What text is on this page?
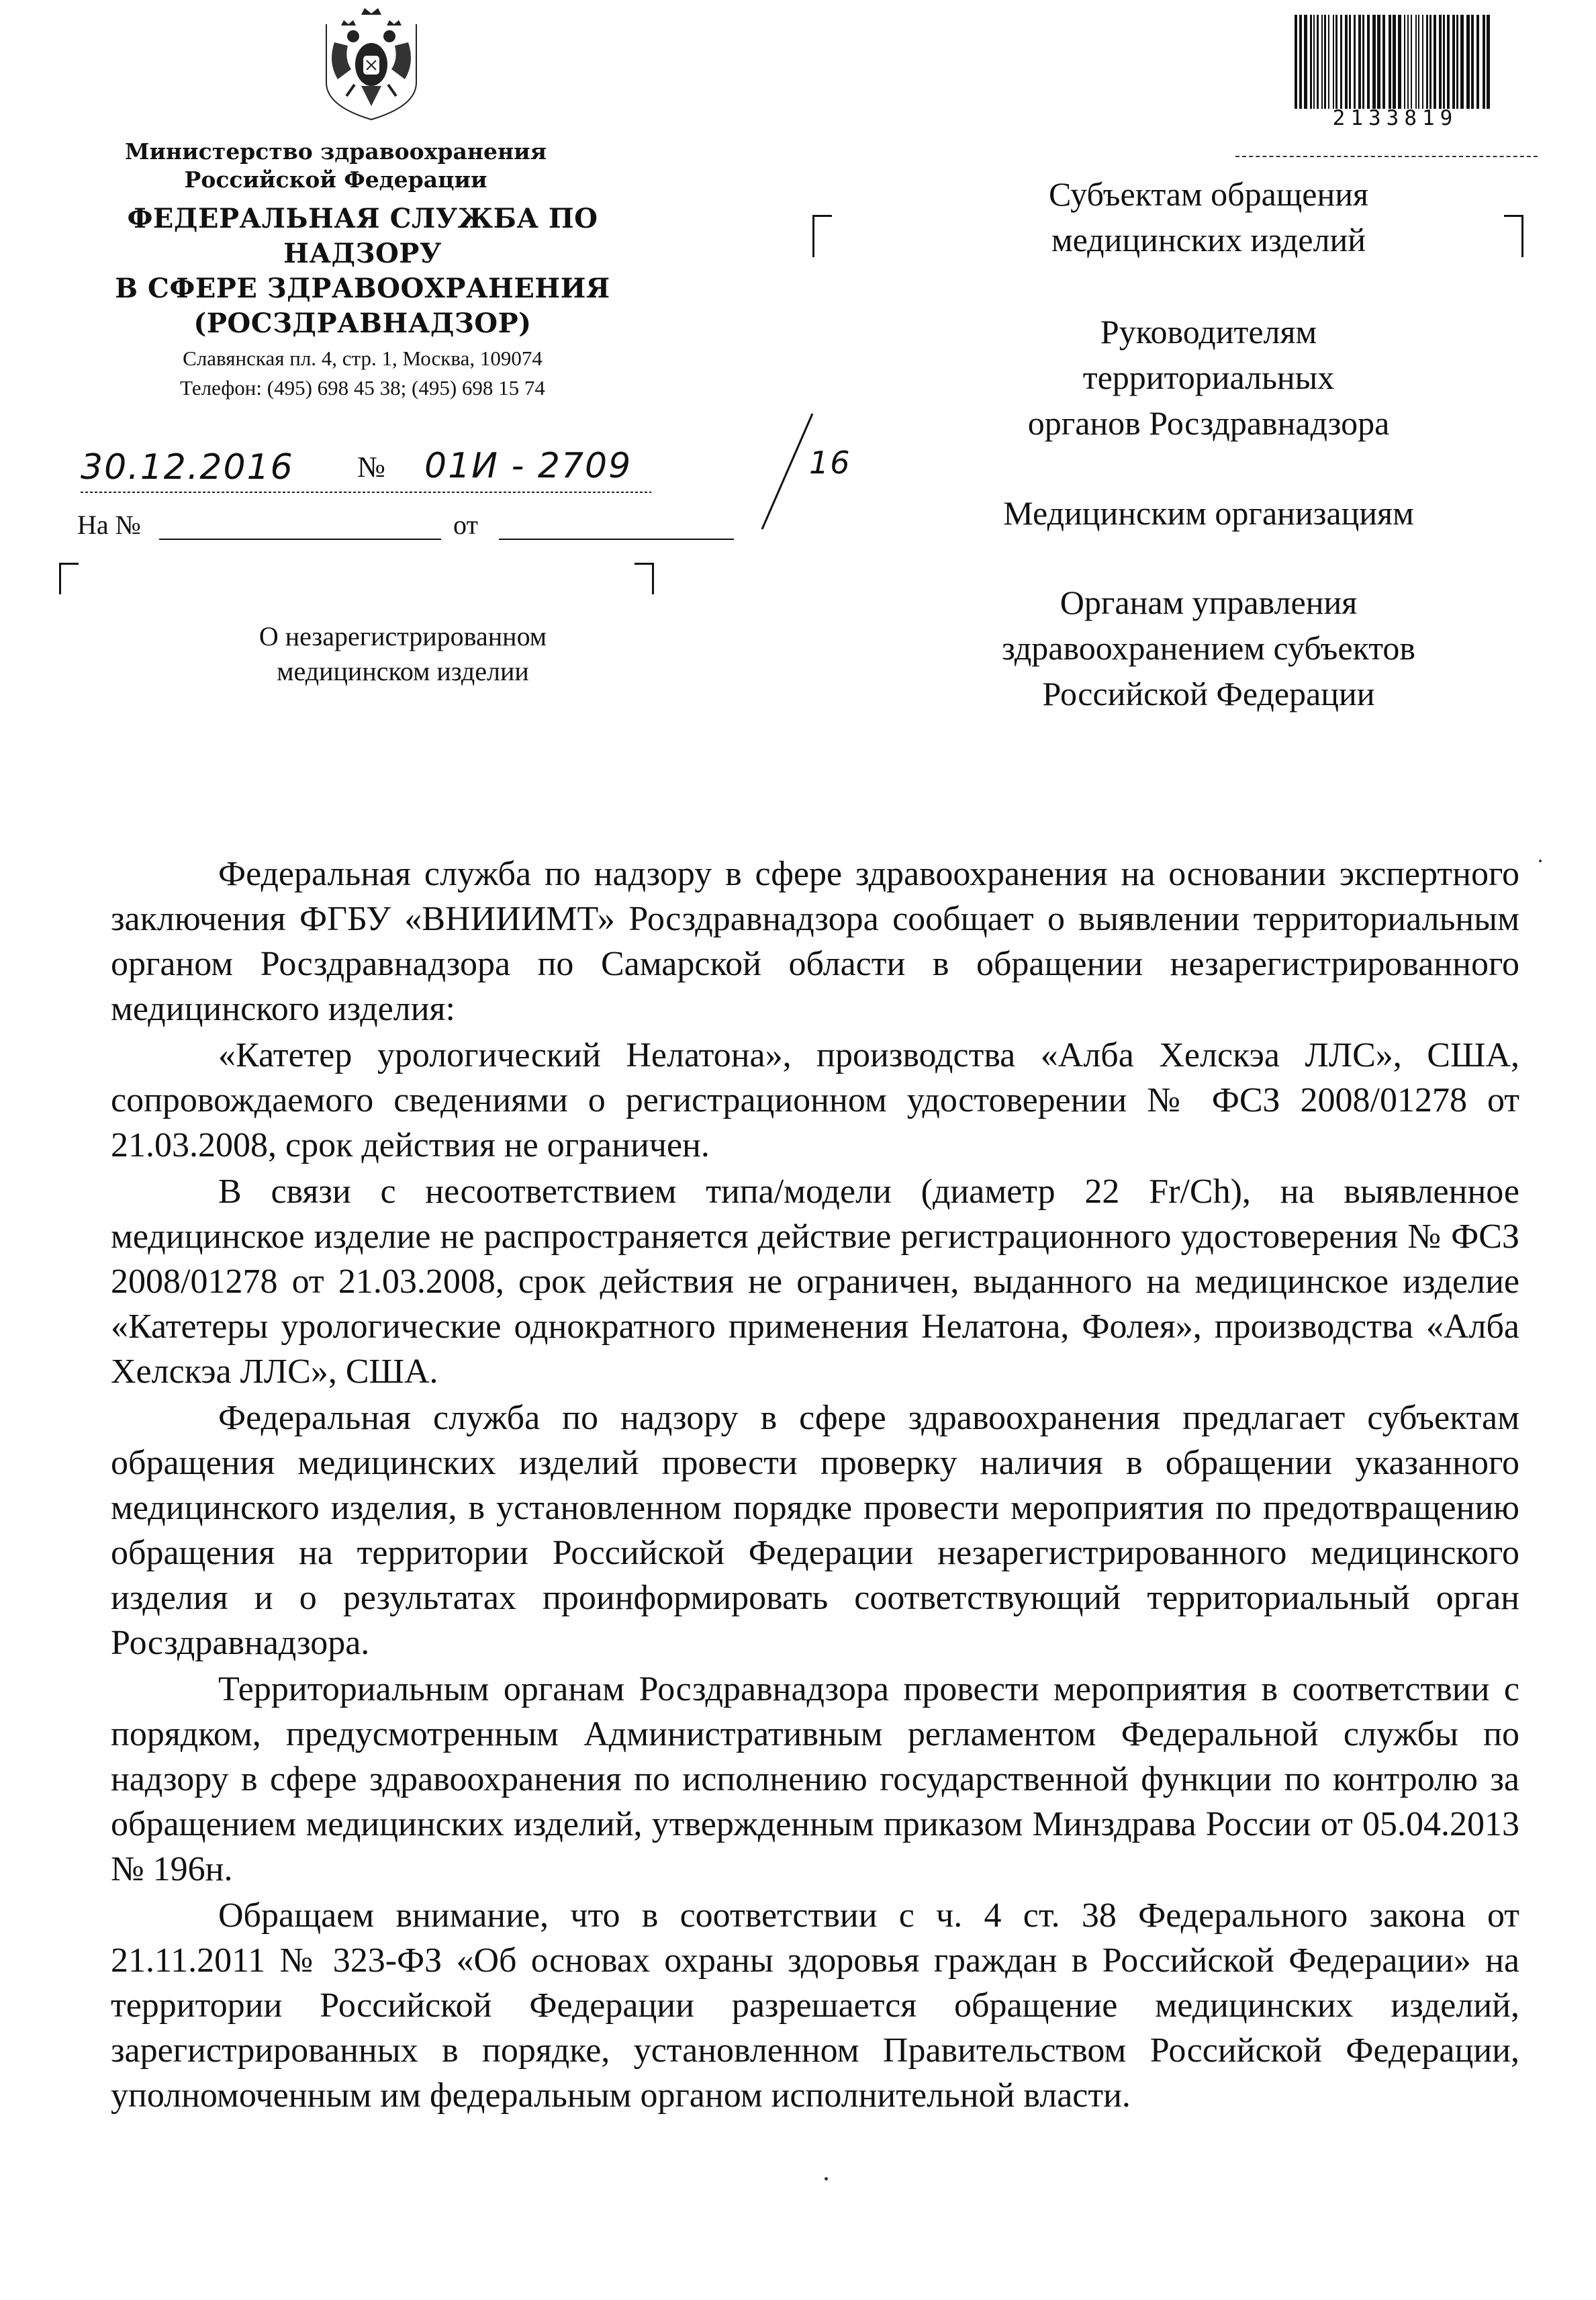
Министерство здравоохранения
Российской Федерации
ФЕДЕРАЛЬНАЯ СЛУЖБА ПО НАДЗОРУ
В СФЕРЕ ЗДРАВООХРАНЕНИЯ
(РОСЗДРАВНАДЗОР)
Славянская пл. 4, стр. 1, Москва, 109074
Телефон: (495) 698 45 38; (495) 698 15 74
30.12.2016 № 01И - 2709	16
На №	от
О незарегистрированном
медицинском изделии
2133819
Субъектам обращения
медицинских изделий
Руководителям
территориальных
органов Росздравнадзора
Медицинским организациям
Органам управления
здравоохранением субъектов
Российской Федерации

Федеральная служба по надзору в сфере здравоохранения на основании экспертного заключения ФГБУ «ВНИИИМТ» Росздравнадзора сообщает о выявлении территориальным органом Росздравнадзора по Самарской области в обращении незарегистрированного медицинского изделия:

«Катетер урологический Нелатона», производства «Алба Хелскэа ЛЛС», США, сопровождаемого сведениями о регистрационном удостоверении № ФСЗ 2008/01278 от 21.03.2008, срок действия не ограничен.

В связи с несоответствием типа/модели (диаметр 22 Fr/Ch), на выявленное медицинское изделие не распространяется действие регистрационного удостоверения № ФСЗ 2008/01278 от 21.03.2008, срок действия не ограничен, выданного на медицинское изделие «Катетеры урологические однократного применения Нелатона, Фолея», производства «Алба Хелскэа ЛЛС», США.

Федеральная служба по надзору в сфере здравоохранения предлагает субъектам обращения медицинских изделий провести проверку наличия в обращении указанного медицинского изделия, в установленном порядке провести мероприятия по предотвращению обращения на территории Российской Федерации незарегистрированного медицинского изделия и о результатах проинформировать соответствующий территориальный орган Росздравнадзора.

Территориальным органам Росздравнадзора провести мероприятия в соответствии с порядком, предусмотренным Административным регламентом Федеральной службы по надзору в сфере здравоохранения по исполнению государственной функции по контролю за обращением медицинских изделий, утвержденным приказом Минздрава России от 05.04.2013 № 196н.

Обращаем внимание, что в соответствии с ч. 4 ст. 38 Федерального закона от 21.11.2011 № 323-ФЗ «Об основах охраны здоровья граждан в Российской Федерации» на территории Российской Федерации разрешается обращение медицинских изделий, зарегистрированных в порядке, установленном Правительством Российской Федерации, уполномоченным им федеральным органом исполнительной власти.
